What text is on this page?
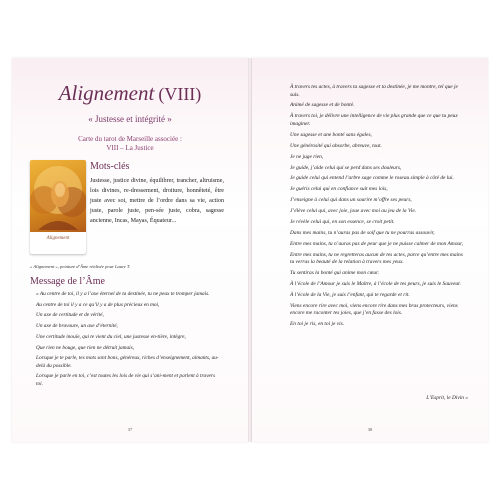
Alignement (VIII)
« Justesse et intégrité »
Carte du tarot de Marseille associée :
VIII – La Justice
Alignement
Mots-clés
Justesse, justice divine, équilibrer, trancher, altruisme, lois divines, re-dressement, droiture, honnêteté, être juste avec soi, mettre de l’ordre dans sa vie, action juste, parole juste, pen-sée juste, cobra, sagesse ancienne, Incas, Mayas, Équateur...
« Alignement », peinture d’Âme réalisée pour Laure T.
Message de l’Âme

« Au centre de toi, il y a l’axe éternel de ta destinée, tu ne peux te tromper jamais.

Au centre de toi il y a ce qu’il y a de plus précieux en moi,

Un axe de certitude et de vérité,

Un axe de bravoure, un axe d’éternité,

Une certitude inouïe, qui te vient du ciel, une justesse en-tière, intègre,

Que rien ne bouge, que rien ne détruit jamais,

Lorsque je te parle, tes mots sont bons, généreux, riches d’enseignement, aimants, au-delà du possible.

Lorsque je parle en toi, c’est toutes les lois de vie qui s’ani-ment et parlent à travers toi.

37

À travers tes actes, à travers ta sagesse et ta destinée, je me montre, tel que je suis.

Animé de sagesse et de bonté.

À travers toi, je délivre une intelligence de vie plus grande que ce que tu peux imaginer.

Une sagesse et une bonté sans égales,

Une générosité qui absorbe, abreuve, tout.

Je ne juge rien,

Je guide, j’aide celui qui se perd dans ses douleurs,

Je guide celui qui entend l’arbre sage comme le roseau simple à côté de lui.

Je guéris celui qui en confiance suit mes lois,

J’enseigne à celui qui dans un sourire m’offre ses peurs,

J’élève celui qui, avec joie, joue avec moi au jeu de la Vie.

Je révèle celui qui, en son essence, se croit petit.

Dans mes mains, tu n’auras pas de soif que tu ne pourras assouvir,

Entre mes mains, tu n’auras pas de peur que je ne puisse calmer de mon Amour,

Entre mes mains, tu ne regretteras aucun de tes actes, parce qu’entre mes mains tu verras la beauté de la relation à travers mes yeux.

Tu sentiras la bonté qui anime mon cœur.

À l’école de l’Amour je suis le Maître, à l’école de tes peurs, je suis le Sauveur.

À l’école de la Vie, je suis l’enfant, qui te regarde et rit.

Viens encore rire avec moi, viens encore rire dans mes bras protecteurs, viens encore me raconter tes joies, que j’en fasse des lois.

En toi je ris, en toi je vis.

L’Esprit, le Divin »
38
